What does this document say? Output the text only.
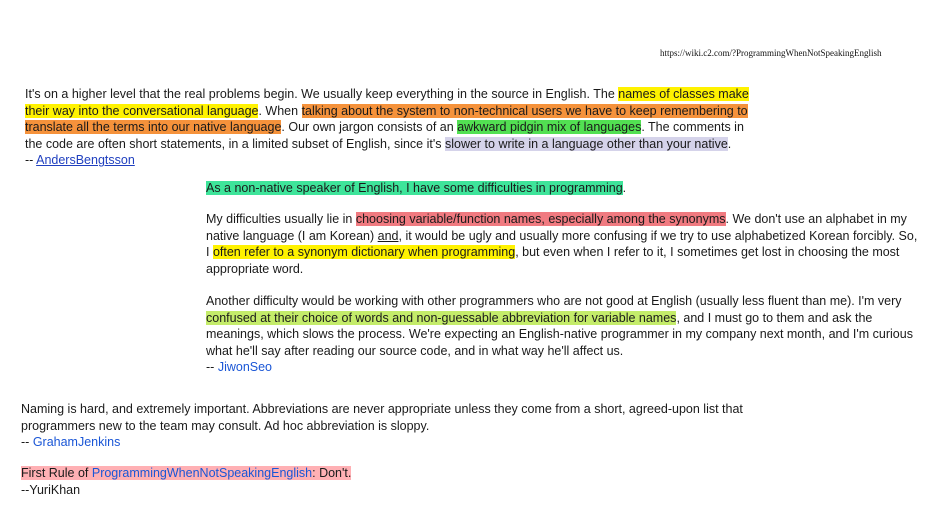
https://wiki.c2.com/?ProgrammingWhenNotSpeakingEnglish
It's on a higher level that the real problems begin. We usually keep everything in the source in English. The names of classes make their way into the conversational language. When talking about the system to non-technical users we have to keep remembering to translate all the terms into our native language. Our own jargon consists of an awkward pidgin mix of languages. The comments in the code are often short statements, in a limited subset of English, since it's slower to write in a language other than your native.
-- AndersBengtsson
As a non-native speaker of English, I have some difficulties in programming.
My difficulties usually lie in choosing variable/function names, especially among the synonyms. We don't use an alphabet in my native language (I am Korean) and, it would be ugly and usually more confusing if we try to use alphabetized Korean forcibly. So, I often refer to a synonym dictionary when programming, but even when I refer to it, I sometimes get lost in choosing the most appropriate word.
Another difficulty would be working with other programmers who are not good at English (usually less fluent than me). I'm very confused at their choice of words and non-guessable abbreviation for variable names, and I must go to them and ask the meanings, which slows the process. We're expecting an English-native programmer in my company next month, and I'm curious what he'll say after reading our source code, and in what way he'll affect us.
-- JiwonSeo
Naming is hard, and extremely important. Abbreviations are never appropriate unless they come from a short, agreed-upon list that programmers new to the team may consult. Ad hoc abbreviation is sloppy.
-- GrahamJenkins
First Rule of ProgrammingWhenNotSpeakingEnglish: Don't.
--YuriKhan
